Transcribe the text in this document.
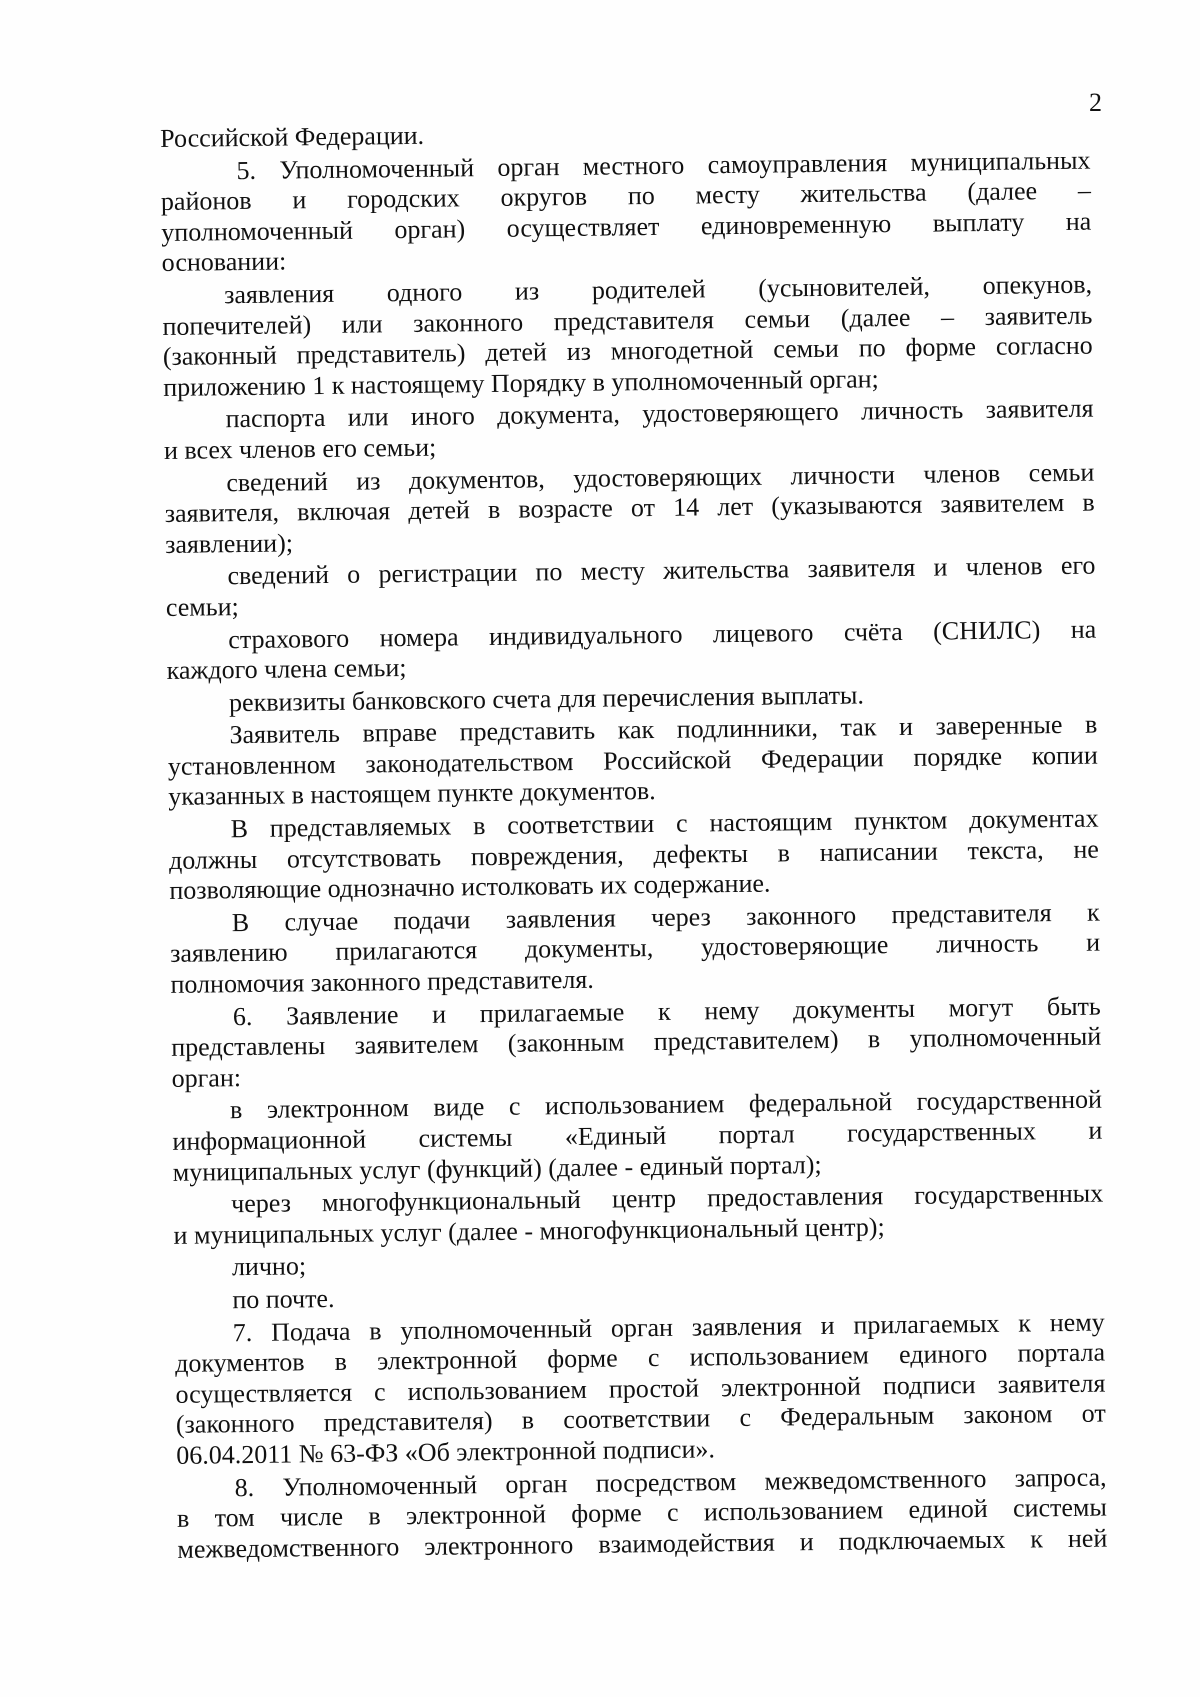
2
Российской Федерации.
5. Уполномоченный орган местного самоуправления муниципальных
районов и городских округов по месту жительства (далее –
уполномоченный орган) осуществляет единовременную выплату на
основании:
заявления одного из родителей (усыновителей, опекунов,
попечителей) или законного представителя семьи (далее – заявитель
(законный представитель) детей из многодетной семьи по форме согласно
приложению 1 к настоящему Порядку в уполномоченный орган;
паспорта или иного документа, удостоверяющего личность заявителя
и всех членов его семьи;
сведений из документов, удостоверяющих личности членов семьи
заявителя, включая детей в возрасте от 14 лет (указываются заявителем в
заявлении);
сведений о регистрации по месту жительства заявителя и членов его
семьи;
страхового номера индивидуального лицевого счёта (СНИЛС) на
каждого члена семьи;
реквизиты банковского счета для перечисления выплаты.
Заявитель вправе представить как подлинники, так и заверенные в
установленном законодательством Российской Федерации порядке копии
указанных в настоящем пункте документов.
В представляемых в соответствии с настоящим пунктом документах
должны отсутствовать повреждения, дефекты в написании текста, не
позволяющие однозначно истолковать их содержание.
В случае подачи заявления через законного представителя к
заявлению прилагаются документы, удостоверяющие личность и
полномочия законного представителя.
6. Заявление и прилагаемые к нему документы могут быть
представлены заявителем (законным представителем) в уполномоченный
орган:
в электронном виде с использованием федеральной государственной
информационной системы «Единый портал государственных и
муниципальных услуг (функций) (далее - единый портал);
через многофункциональный центр предоставления государственных
и муниципальных услуг (далее - многофункциональный центр);
лично;
по почте.
7. Подача в уполномоченный орган заявления и прилагаемых к нему
документов в электронной форме с использованием единого портала
осуществляется с использованием простой электронной подписи заявителя
(законного представителя) в соответствии с Федеральным законом от
06.04.2011 № 63-ФЗ «Об электронной подписи».
8. Уполномоченный орган посредством межведомственного запроса,
в том числе в электронной форме с использованием единой системы
межведомственного электронного взаимодействия и подключаемых к ней
